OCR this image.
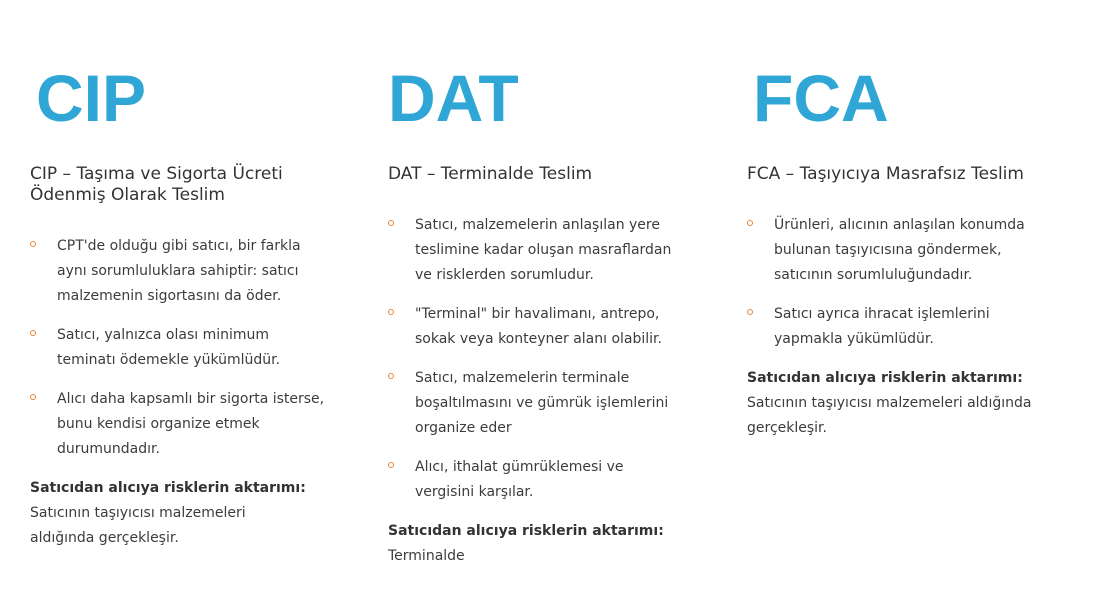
CIP
CIP – Taşıma ve Sigorta Ücreti Ödenmiş Olarak Teslim
CPT'de olduğu gibi satıcı, bir farkla aynı sorumluluklara sahiptir: satıcı malzemenin sigortasını da öder.
Satıcı, yalnızca olası minimum teminatı ödemekle yükümlüdür.
Alıcı daha kapsamlı bir sigorta isterse, bunu kendisi organize etmek durumundadır.
Satıcıdan alıcıya risklerin aktarımı:
Satıcının taşıyıcısı malzemeleri aldığında gerçekleşir.
DAT
DAT – Terminalde Teslim
Satıcı, malzemelerin anlaşılan yere teslimine kadar oluşan masraflardan ve risklerden sorumludur.
"Terminal" bir havalimanı, antrepo, sokak veya konteyner alanı olabilir.
Satıcı, malzemelerin terminale boşaltılmasını ve gümrük işlemlerini organize eder
Alıcı, ithalat gümrüklemesi ve vergisini karşılar.
Satıcıdan alıcıya risklerin aktarımı:
Terminalde
FCA
FCA – Taşıyıcıya Masrafsız Teslim
Ürünleri, alıcının anlaşılan konumda bulunan taşıyıcısına göndermek, satıcının sorumluluğundadır.
Satıcı ayrıca ihracat işlemlerini yapmakla yükümlüdür.
Satıcıdan alıcıya risklerin aktarımı:
Satıcının taşıyıcısı malzemeleri aldığında gerçekleşir.
